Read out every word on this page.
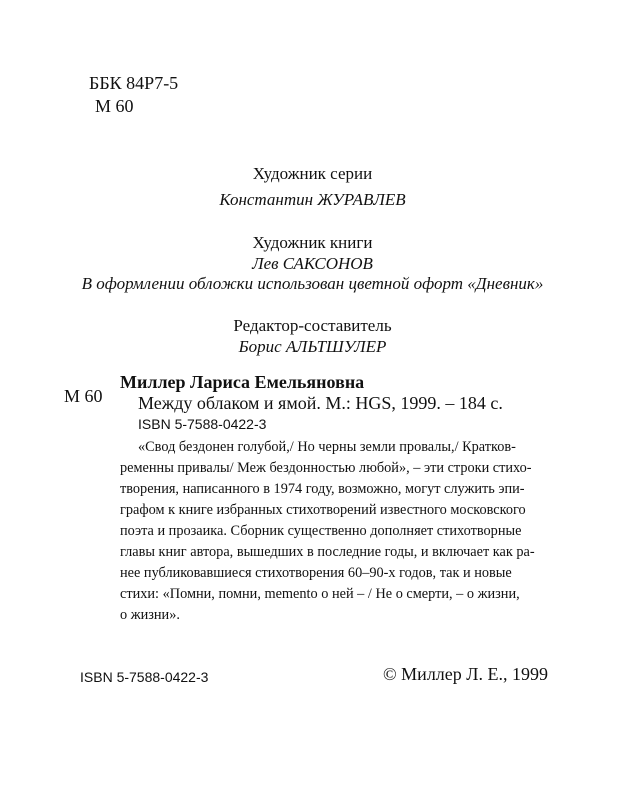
ББК 84Р7-5
М 60
Художник серии
Константин ЖУРАВЛЕВ
Художник книги
Лев САКСОНОВ
В оформлении обложки использован цветной офорт «Дневник»
Редактор-составитель
Борис АЛЬТШУЛЕР
М 60
Миллер Лариса Емельяновна
Между облаком и ямой. М.: HGS, 1999. – 184 с.
ISBN 5-7588-0422-3
«Свод бездонен голубой,/ Но черны земли провалы,/ Кратков-
ременны привалы/ Меж бездонностью любой», – эти строки стихо-
творения, написанного в 1974 году, возможно, могут служить эпи-
графом к книге избранных стихотворений известного московского
поэта и прозаика. Сборник существенно дополняет стихотворные
главы книг автора, вышедших в последние годы, и включает как ра-
нее публиковавшиеся стихотворения 60–90-х годов, так и новые
стихи: «Помни, помни, memento о ней – / Не о смерти, – о жизни,
о жизни».
ISBN 5-7588-0422-3	© Миллер Л. Е., 1999
